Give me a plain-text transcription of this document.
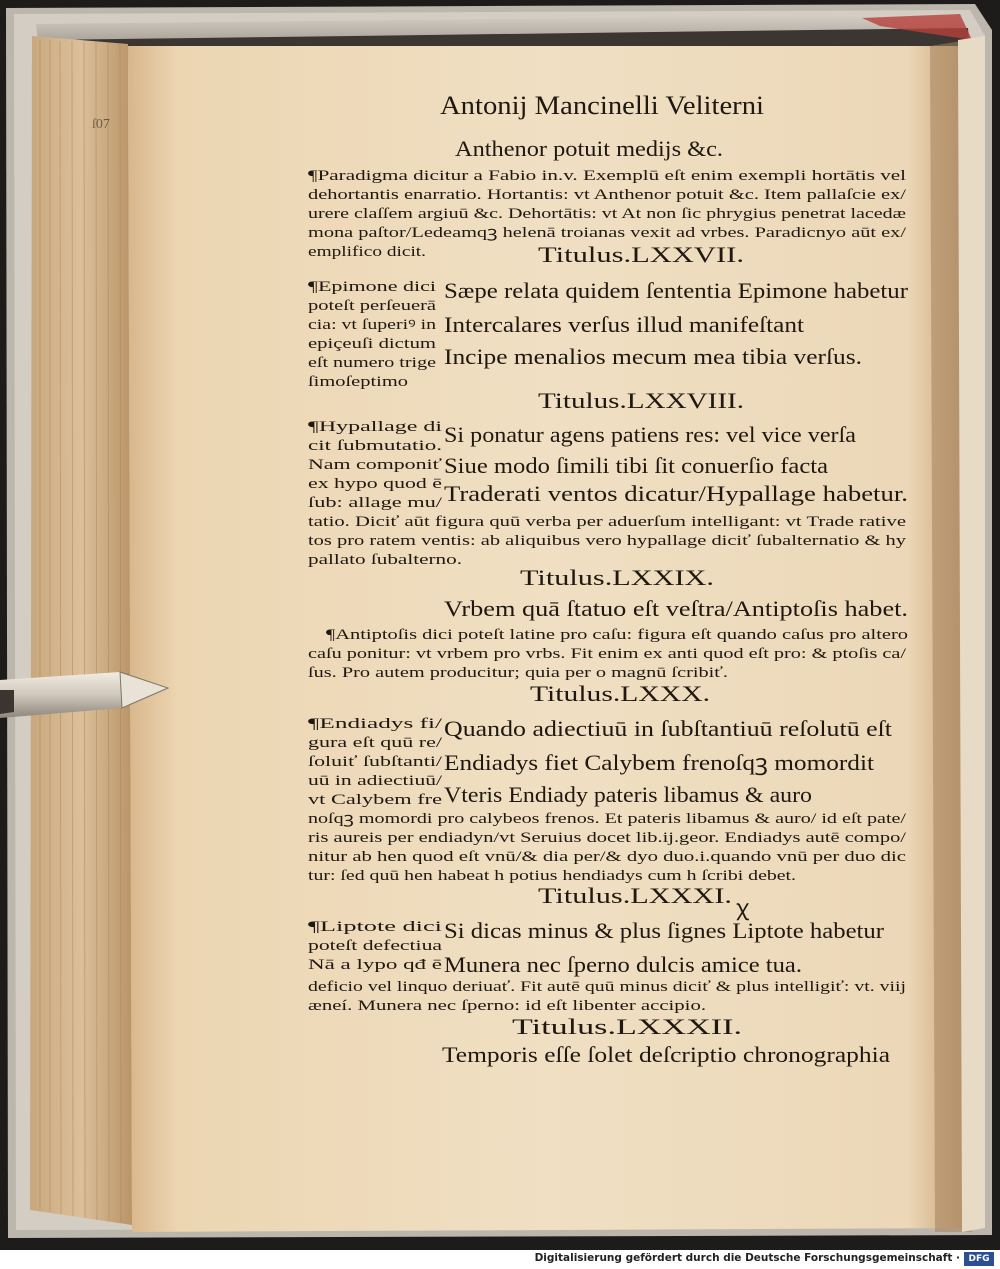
ſ07
Antonij Mancinelli Veliterni
Anthenor potuit medijs &c.
¶Paradigma dicitur a Fabio in.v. Exemplū eſt enim exempli hortātis vel
dehortantis enarratio. Hortantis: vt Anthenor potuit &c. Item pallaſcie ex/
urere claſſem argiuū &c. Dehortātis: vt At non ſic phrygius penetrat lacedæ
mona paſtor/Ledeamqꝫ helenā troianas vexit ad vrbes. Paradicnyo aūt ex/
emplifico dicit.	Titulus.LXXVII.
¶Epimone dici
poteſt perſeuerā
cia: vt ſuperiꝰ in
epiçeuſi dictum
eſt numero trige
ſimoſeptimo
Sæpe relata quidem ſententia Epimone habetur
Intercalares verſus illud manifeſtant
Incipe menalios mecum mea tibia verſus.
Titulus.LXXVIII.
¶Hypallage di
cit ſubmutatio.
Nam componiť
ex hypo quod ē
ſub: allage mu/
Si ponatur agens patiens res: vel vice verſa
Siue modo ſimili tibi ſit conuerſio facta
Traderati ventos dicatur/Hypallage habetur.
tatio. Diciť aūt figura quū verba per aduerſum intelligant: vt Trade rative
tos pro ratem ventis: ab aliquibus vero hypallage diciť ſubalternatio & hy
pallato ſubalterno.
Titulus.LXXIX.
Vrbem quā ſtatuo eſt veſtra/Antiptoſis habet.
¶Antiptoſis dici poteſt latine pro caſu: figura eſt quando caſus pro altero
caſu ponitur: vt vrbem pro vrbs. Fit enim ex anti quod eſt pro: & ptoſis ca/
ſus. Pro autem producitur; quia per o magnū ſcribiť.
Titulus.LXXX.
¶Endiadys fi/
gura eſt quū re/
ſoluiť ſubſtanti/
uū in adiectiuū/
vt Calybem fre
Quando adiectiuū in ſubſtantiuū reſolutū eſt
Endiadys fiet Calybem frenoſqꝫ momordit
Vteris Endiady pateris libamus & auro
noſqꝫ momordi pro calybeos frenos. Et pateris libamus & auro/ id eſt pate/
ris aureis per endiadyn/vt Seruius docet lib.ij.geor. Endiadys autē compo/
nitur ab hen quod eſt vnū/& dia per/& dyo duo.i.quando vnū per duo dic
tur: ſed quū hen habeat h potius hendiadys cum h ſcribi debet.
Titulus.LXXXI. ꭓ
¶Liptote dici
poteſt defectiua
Nā a lypo qđ ē
Si dicas minus & plus ſignes Liptote habetur
Munera nec ſperno dulcis amice tua.
deficio vel linquo deriuať. Fit autē quū minus diciť & plus intelligiť: vt. viij
æneí. Munera nec ſperno: id eſt libenter accipio.
Titulus.LXXXII.
Temporis eſſe ſolet deſcriptio chronographia
Digitalisierung gefördert durch die Deutsche Forschungsgemeinschaft · DFG
